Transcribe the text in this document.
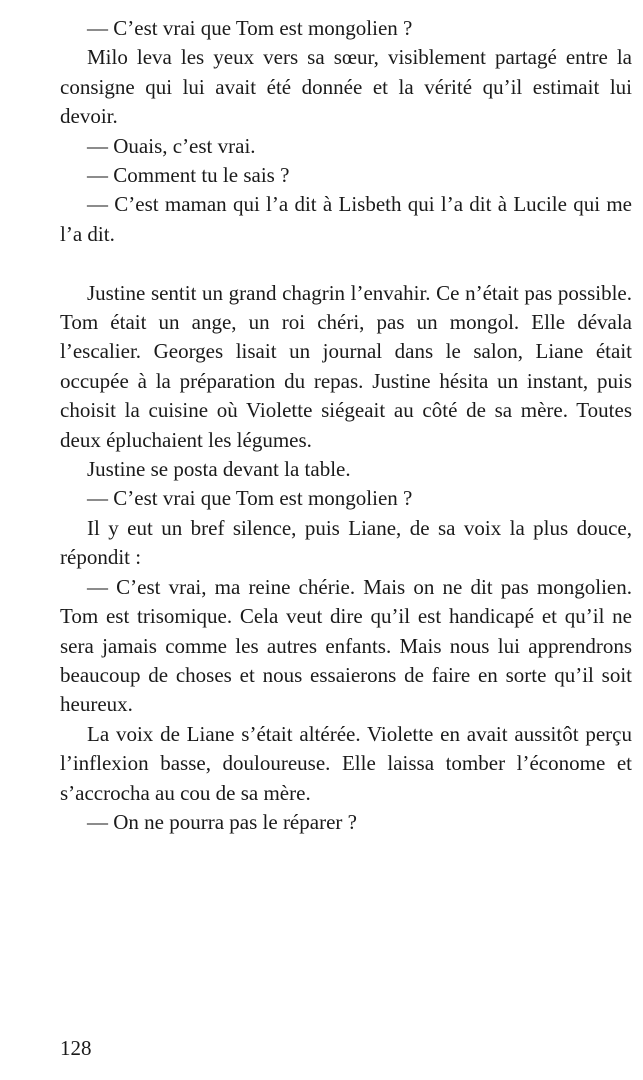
— C’est vrai que Tom est mongolien ?

Milo leva les yeux vers sa sœur, visiblement partagé entre la consigne qui lui avait été donnée et la vérité qu’il estimait lui devoir.

— Ouais, c’est vrai.

— Comment tu le sais ?

— C’est maman qui l’a dit à Lisbeth qui l’a dit à Lucile qui me l’a dit.

Justine sentit un grand chagrin l’envahir. Ce n’était pas possible. Tom était un ange, un roi chéri, pas un mongol. Elle dévala l’escalier. Georges lisait un journal dans le salon, Liane était occupée à la préparation du repas. Justine hésita un instant, puis choisit la cuisine où Violette siégeait au côté de sa mère. Toutes deux épluchaient les légumes.

Justine se posta devant la table.

— C’est vrai que Tom est mongolien ?

Il y eut un bref silence, puis Liane, de sa voix la plus douce, répondit :

— C’est vrai, ma reine chérie. Mais on ne dit pas mongolien. Tom est trisomique. Cela veut dire qu’il est handicapé et qu’il ne sera jamais comme les autres enfants. Mais nous lui apprendrons beaucoup de choses et nous essaierons de faire en sorte qu’il soit heureux.

La voix de Liane s’était altérée. Violette en avait aussitôt perçu l’inflexion basse, douloureuse. Elle laissa tomber l’économe et s’accrocha au cou de sa mère.

— On ne pourra pas le réparer ?

128
